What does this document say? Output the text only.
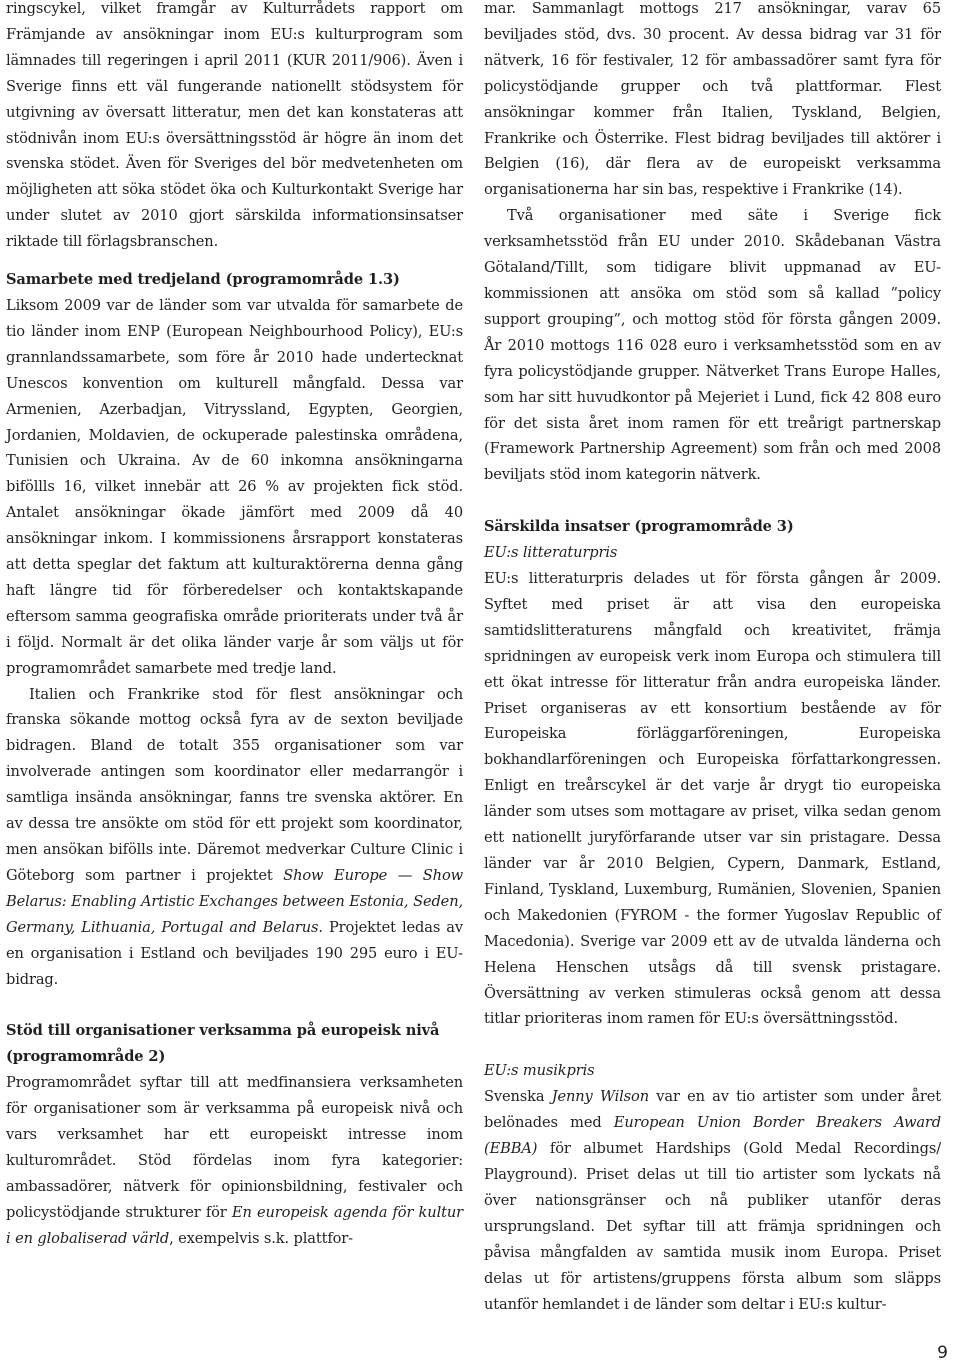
ringscykel, vilket framgår av Kulturrådets rapport om Främjande av ansökningar inom EU:s kulturprogram som lämnades till regeringen i april 2011 (KUR 2011/906). Även i Sverige finns ett väl fungerande nationellt stödsystem för utgivning av översatt litteratur, men det kan konstateras att stödnivån inom EU:s översättningsstöd är högre än inom det svenska stödet. Även för Sveriges del bör medvetenheten om möjligheten att söka stödet öka och Kulturkontakt Sverige har under slutet av 2010 gjort särskilda informationsinsatser riktade till förlagsbranschen.

Samarbete med tredjeland (programområde 1.3)

Liksom 2009 var de länder som var utvalda för samarbete de tio länder inom ENP (European Neighbourhood Policy), EU:s grannlandssamarbete, som före år 2010 hade undertecknat Unescos konvention om kulturell mångfald. Dessa var Armenien, Azerbadjan, Vitryssland, Egypten, Georgien, Jordanien, Moldavien, de ockuperade palestinska områdena, Tunisien och Ukraina. Av de 60 inkomna ansökningarna biföllls 16, vilket innebär att 26 % av projekten fick stöd. Antalet ansökningar ökade jämfört med 2009 då 40 ansökningar inkom. I kommissionens årsrapport konstateras att detta speglar det faktum att kulturaktörerna denna gång haft längre tid för förberedelser och kontaktskapande eftersom samma geografiska område prioriterats under två år i följd. Normalt är det olika länder varje år som väljs ut för programområdet samarbete med tredje land.

Italien och Frankrike stod för flest ansökningar och franska sökande mottog också fyra av de sexton beviljade bidragen. Bland de totalt 355 organisationer som var involverade antingen som koordinator eller medarrangör i samtliga insända ansökningar, fanns tre svenska aktörer. En av dessa tre ansökte om stöd för ett projekt som koordinator, men ansökan bifölls inte. Däremot medverkar Culture Clinic i Göteborg som partner i projektet Show Europe — Show Belarus: Enabling Artistic Exchanges between Estonia, Seden, Germany, Lithuania, Portugal and Belarus. Projektet ledas av en organisation i Estland och beviljades 190 295 euro i EU-bidrag.

Stöd till organisationer verksamma på europeisk nivå (programområde 2)

Programområdet syftar till att medfinansiera verksamheten för organisationer som är verksamma på europeisk nivå och vars verksamhet har ett europeiskt intresse inom kulturområdet. Stöd fördelas inom fyra kategorier: ambassadörer, nätverk för opinionsbildning, festivaler och policystödjande strukturer för En europeisk agenda för kultur i en globaliserad värld, exempelvis s.k. plattfor-

mar. Sammanlagt mottogs 217 ansökningar, varav 65 beviljades stöd, dvs. 30 procent. Av dessa bidrag var 31 för nätverk, 16 för festivaler, 12 för ambassadörer samt fyra för policystödjande grupper och två plattformar. Flest ansökningar kommer från Italien, Tyskland, Belgien, Frankrike och Österrike. Flest bidrag beviljades till aktörer i Belgien (16), där flera av de europeiskt verksamma organisationerna har sin bas, respektive i Frankrike (14).

Två organisationer med säte i Sverige fick verksamhetsstöd från EU under 2010. Skådebanan Västra Götaland/Tillt, som tidigare blivit uppmanad av EU-kommissionen att ansöka om stöd som så kallad ”policy support grouping”, och mottog stöd för första gången 2009. År 2010 mottogs 116 028 euro i verksamhetsstöd som en av fyra policystödjande grupper. Nätverket Trans Europe Halles, som har sitt huvudkontor på Mejeriet i Lund, fick 42 808 euro för det sista året inom ramen för ett treårigt partnerskap (Framework Partnership Agreement) som från och med 2008 beviljats stöd inom kategorin nätverk.

Särskilda insatser (programområde 3)
EU:s litteraturpris

EU:s litteraturpris delades ut för första gången år 2009. Syftet med priset är att visa den europeiska samtidslitteraturens mångfald och kreativitet, främja spridningen av europeisk verk inom Europa och stimulera till ett ökat intresse för litteratur från andra europeiska länder. Priset organiseras av ett konsortium bestående av för Europeiska förläggarföreningen, Europeiska bokhandlarföreningen och Europeiska författarkongressen. Enligt en treårscykel är det varje år drygt tio europeiska länder som utses som mottagare av priset, vilka sedan genom ett nationellt juryförfarande utser var sin pristagare. Dessa länder var år 2010 Belgien, Cypern, Danmark, Estland, Finland, Tyskland, Luxemburg, Rumänien, Slovenien, Spanien och Makedonien (FYROM - the former Yugoslav Republic of Macedonia). Sverige var 2009 ett av de utvalda länderna och Helena Henschen utsågs då till svensk pristagare. Översättning av verken stimuleras också genom att dessa titlar prioriteras inom ramen för EU:s översättningsstöd.

EU:s musikpris

Svenska Jenny Wilson var en av tio artister som under året belönades med European Union Border Breakers Award (EBBA) för albumet Hardships (Gold Medal Recordings/ Playground). Priset delas ut till tio artister som lyckats nå över nationsgränser och nå publiker utanför deras ursprungsland. Det syftar till att främja spridningen och påvisa mångfalden av samtida musik inom Europa. Priset delas ut för artistens/gruppens första album som släpps utanför hemlandet i de länder som deltar i EU:s kultur-

9
